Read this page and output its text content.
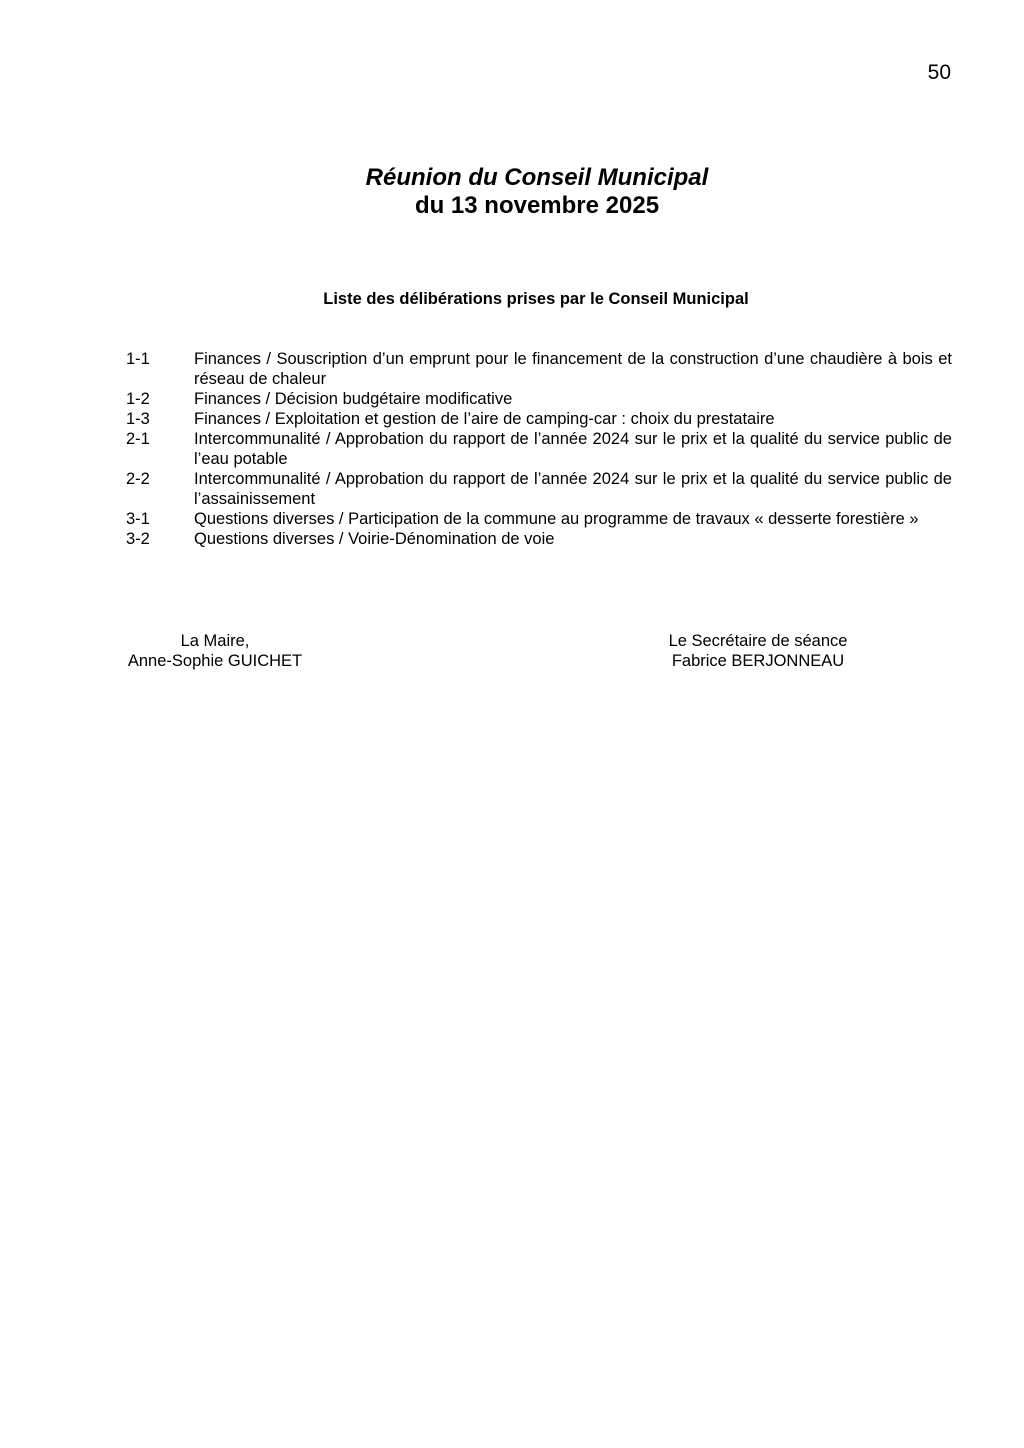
50
Réunion du Conseil Municipal
du 13 novembre 2025
Liste des délibérations prises par le Conseil Municipal
1-1	Finances / Souscription d’un emprunt pour le financement de la construction d’une chaudière à bois et réseau de chaleur
1-2	Finances / Décision budgétaire modificative
1-3	Finances / Exploitation et gestion de l’aire de camping-car : choix du prestataire
2-1	Intercommunalité / Approbation du rapport de l’année 2024 sur le prix et la qualité du service public de l’eau potable
2-2	Intercommunalité / Approbation du rapport de l’année 2024 sur le prix et la qualité du service public de l’assainissement
3-1	Questions diverses / Participation de la commune au programme de travaux « desserte forestière »
3-2	Questions diverses / Voirie-Dénomination de voie
La Maire,
Anne-Sophie GUICHET
Le Secrétaire de séance
Fabrice BERJONNEAU
